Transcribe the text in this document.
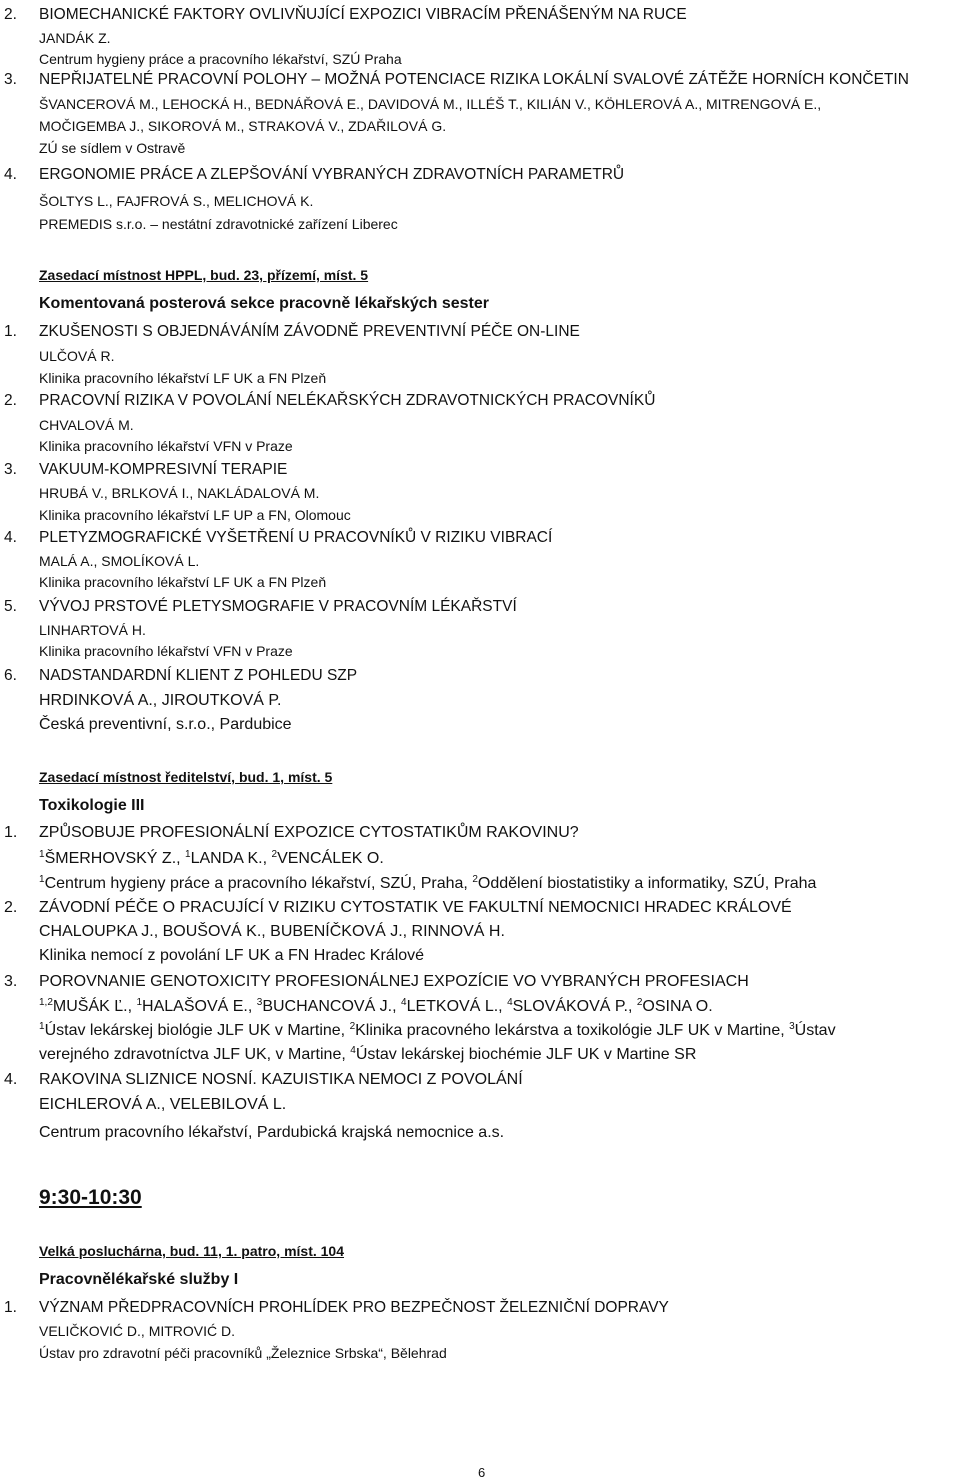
2. BIOMECHANICKÉ FAKTORY OVLIVŇUJÍCÍ EXPOZICI VIBRACÍM PŘENÁŠENÝM NA RUCE
JANDÁK Z.
Centrum hygieny práce a pracovního lékařství, SZÚ Praha
3. NEPŘIJATELNÉ PRACOVNÍ POLOHY – MOŽNÁ POTENCIACE RIZIKA LOKÁLNÍ SVALOVÉ ZÁTĚŽE HORNÍCH KONČETIN
ŠVANCEROVÁ M., LEHOCKÁ H., BEDNÁŘOVÁ E., DAVIDOVÁ M., ILLÉŠ T., KILIÁN V., KÖHLEROVÁ A., MITRENGOVÁ E.,
MOČIGEMBA J., SIKOROVÁ M., STRAKOVÁ V., ZDAŘILOVÁ G.
ZÚ se sídlem v Ostravě
4. ERGONOMIE PRÁCE A ZLEPŠOVÁNÍ VYBRANÝCH ZDRAVOTNÍCH PARAMETRŮ
ŠOLTYS L., FAJFROVÁ S., MELICHOVÁ K.
PREMEDIS s.r.o. – nestátní zdravotnické zařízení Liberec
Zasedací místnost HPPL, bud. 23, přízemí, míst. 5
Komentovaná posterová sekce pracovně lékařských sester
1. ZKUŠENOSTI S OBJEDNÁVÁNÍM ZÁVODNĚ PREVENTIVNÍ PÉČE ON-LINE
ULČOVÁ R.
Klinika pracovního lékařství LF UK a FN Plzeň
2. PRACOVNÍ RIZIKA V POVOLÁNÍ NELÉKAŘSKÝCH ZDRAVOTNICKÝCH PRACOVNÍKŮ
CHVALOVÁ M.
Klinika pracovního lékařství VFN v Praze
3. VAKUUM-KOMPRESIVNÍ TERAPIE
HRUBÁ V., BRLKOVÁ I., NAKLÁDALOVÁ M.
Klinika pracovního lékařství LF UP a FN, Olomouc
4. PLETYZMOGRAFICKÉ VYŠETŘENÍ U PRACOVNÍKŮ V RIZIKU VIBRACÍ
MALÁ A., SMOLÍKOVÁ L.
Klinika pracovního lékařství LF UK a FN Plzeň
5. VÝVOJ PRSTOVÉ PLETYSMOGRAFIE V PRACOVNÍM LÉKAŘSTVÍ
LINHARTOVÁ H.
Klinika pracovního lékařství VFN v Praze
6. NADSTANDARDNÍ KLIENT Z POHLEDU SZP
HRDINKOVÁ A., JIROUTKOVÁ P.
Česká preventivní, s.r.o., Pardubice
Zasedací místnost ředitelství, bud. 1, míst. 5
Toxikologie III
1. ZPŮSOBUJE PROFESIONÁLNÍ EXPOZICE CYTOSTATIKŮM RAKOVINU?
$^1$ŠMERHOVSKÝ Z., $^1$LANDA K., $^2$VENCÁLEK O.
$^1$Centrum hygieny práce a pracovního lékařství, SZÚ, Praha, $^2$Oddělení biostatistiky a informatiky, SZÚ, Praha
2. ZÁVODNÍ PÉČE O PRACUJÍCÍ V RIZIKU CYTOSTATIK VE FAKULTNÍ NEMOCNICI HRADEC KRÁLOVÉ
CHALOUPKA J., BOUŠOVÁ K., BUBENÍČKOVÁ J., RINNOVÁ H.
Klinika nemocí z povolání LF UK a FN Hradec Králové
3. POROVNANIE GENOTOXICITY PROFESIONÁLNEJ EXPOZÍCIE VO VYBRANÝCH PROFESIACH
$^{1,2}$MUŠÁK Ľ., $^1$HALAŠOVÁ E., $^3$BUCHANCOVÁ J., $^4$LETKOVÁ L., $^4$SLOVÁKOVÁ P., $^2$OSINA O.
$^1$Ústav lekárskej biológie JLF UK v Martine, $^2$Klinika pracovného lekárstva a toxikológie JLF UK v Martine, $^3$Ústav
verejného zdravotníctva JLF UK, v Martine, $^4$Ústav lekárskej biochémie JLF UK v Martine SR
4. RAKOVINA SLIZNICE NOSNÍ. KAZUISTIKA NEMOCI Z POVOLÁNÍ
EICHLEROVÁ A., VELEBILOVÁ L.
Centrum pracovního lékařství, Pardubická krajská nemocnice a.s.
9:30-10:30
Velká posluchárna, bud. 11, 1. patro, míst. 104
Pracovnělékařské služby I
1. VÝZNAM PŘEDPRACOVNÍCH PROHLÍDEK PRO BEZPEČNOST ŽELEZNIČNÍ DOPRAVY
VELIČKOVIĆ D., MITROVIĆ D.
Ústav pro zdravotní péči pracovníků „Železnice Srbska“, Bělehrad
6
